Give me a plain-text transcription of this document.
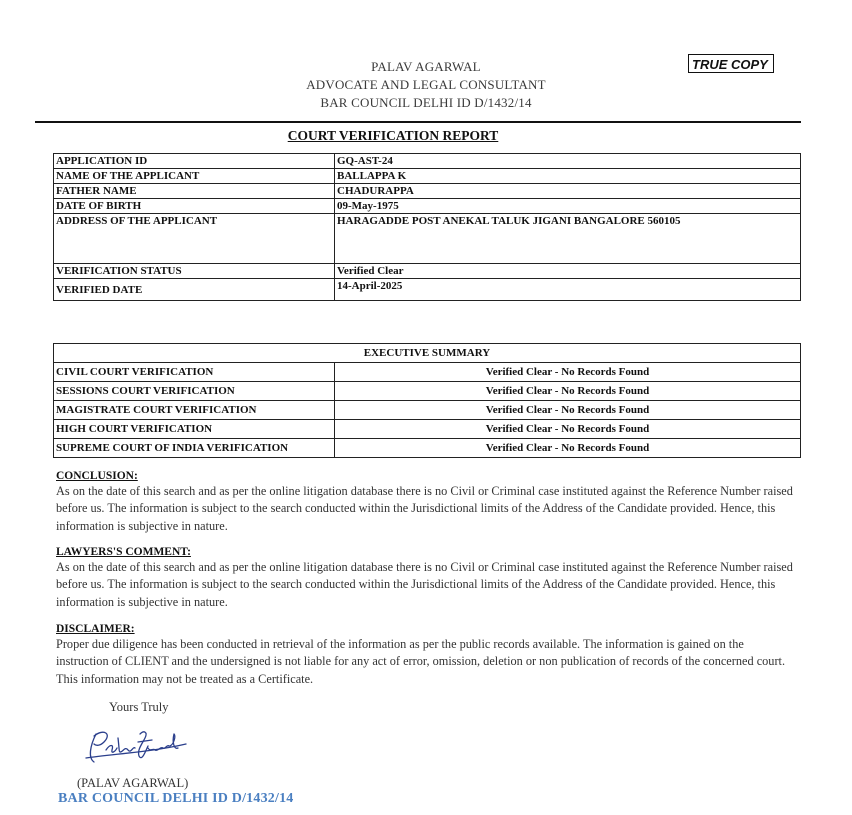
TRUE COPY
PALAV AGARWAL
ADVOCATE AND LEGAL CONSULTANT
BAR COUNCIL DELHI ID D/1432/14
COURT VERIFICATION REPORT
APPLICATION ID	GQ-AST-24
NAME OF THE APPLICANT	BALLAPPA K
FATHER NAME	CHADURAPPA
DATE OF BIRTH	09-May-1975
ADDRESS OF THE APPLICANT	HARAGADDE POST ANEKAL TALUK JIGANI BANGALORE 560105
VERIFICATION STATUS	Verified Clear
VERIFIED DATE	14-April-2025
EXECUTIVE SUMMARY	
CIVIL COURT VERIFICATION	Verified Clear - No Records Found
SESSIONS COURT VERIFICATION	Verified Clear - No Records Found
MAGISTRATE COURT VERIFICATION	Verified Clear - No Records Found
HIGH COURT VERIFICATION	Verified Clear - No Records Found
SUPREME COURT OF INDIA VERIFICATION	Verified Clear - No Records Found
CONCLUSION:
As on the date of this search and as per the online litigation database there is no Civil or Criminal case instituted against the Reference Number raised before us. The information is subject to the search conducted within the Jurisdictional limits of the Address of the Candidate provided. Hence, this information is subjective in nature.
LAWYERS'S COMMENT:
As on the date of this search and as per the online litigation database there is no Civil or Criminal case instituted against the Reference Number raised before us. The information is subject to the search conducted within the Jurisdictional limits of the Address of the Candidate provided. Hence, this information is subjective in nature.
DISCLAIMER:
Proper due diligence has been conducted in retrieval of the information as per the public records available. The information is gained on the instruction of CLIENT and the undersigned is not liable for any act of error, omission, deletion or non publication of records of the concerned court. This information may not be treated as a Certificate.
Yours Truly
(PALAV AGARWAL)
BAR COUNCIL DELHI ID D/1432/14
